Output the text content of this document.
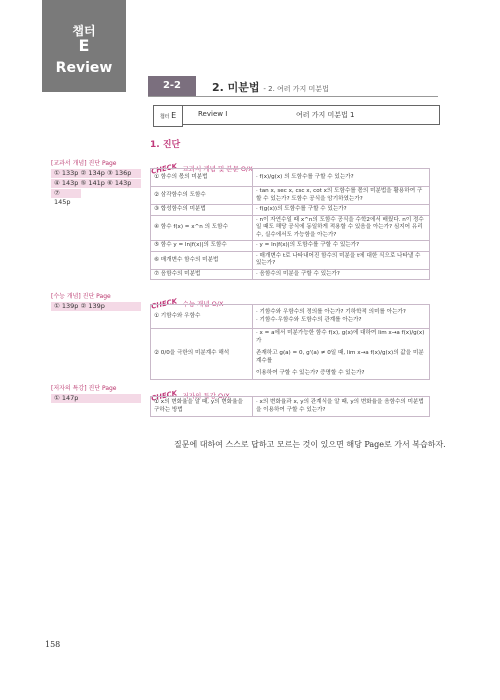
챕터
E
Review
2-2	2. 미분법 - 2. 여러 가지 미분법
챕터 E	Review Ⅰ	여러 가지 미분법 1
1. 진단
[교과서 개념] 진단 Page
① 133p ② 134p ③ 136p
④ 143p ⑤ 141p ⑥ 143p
⑦ 145p
[수능 개념] 진단 Page
① 139p ② 139p
[저자의 특강] 진단 Page
① 147p
CHECK 교과서 개념 및 본문 O/X
CHECK 수능 개념 O/X
CHECK 저자의 특강 O/X
① 함수의 몫의 미분법	· f(x)/g(x) 의 도함수를 구할 수 있는가?
② 삼각함수의 도함수	· tan x, sec x, csc x, cot x의 도함수를 몫의 미분법을 활용하여 구할 수 있는가? 도함수 공식을 암기하였는가?
③ 합성함수의 미분법	· f(g(x))의 도함수를 구할 수 있는가?
④ 함수 f(x) = x^n 의 도함수	· n이 자연수일 때 x^n의 도함수 공식을 수학2에서 배웠다. n이 정수일 때도 해당 공식에 동일하게 적용할 수 있음을 아는가? 심지어 유리수, 실수에서도 가능함을 아는가?
⑤ 함수 y = ln|f(x)|의 도함수	· y = ln|f(x)|의 도함수를 구할 수 있는가?
⑥ 매개변수 함수의 미분법	· 매개변수 t로 나타내어진 함수의 미분을 t에 대한 식으로 나타낼 수 있는가?
⑦ 음함수의 미분법	· 음함수의 미분을 구할 수 있는가?
① 기함수와 우함수	· 기함수와 우함수의 정의를 아는가? 기하학적 의미를 아는가?
· 기함수·우함수와 도함수의 관계를 아는가?

② 0/0을 극한의 미분계수 해석	· x = a에서 미분가능한 함수 f(x), g(x)에 대하여 lim x→a f(x)/g(x)가
존재하고 g(a) = 0, g'(a) ≠ 0일 때, lim x→a f(x)/g(x)의 값을 미분계수를
이용하여 구할 수 있는가? 증명할 수 있는가?
① x의 변화율을 알 때, y의 변화율을 구하는 방법	· x의 변화율과 x, y의 관계식을 알 때, y의 변화율을 음함수의 미분법을 이용하여 구할 수 있는가?
질문에 대하여 스스로 답하고 모르는 것이 있으면 해당 Page로 가서 복습하자.
158
